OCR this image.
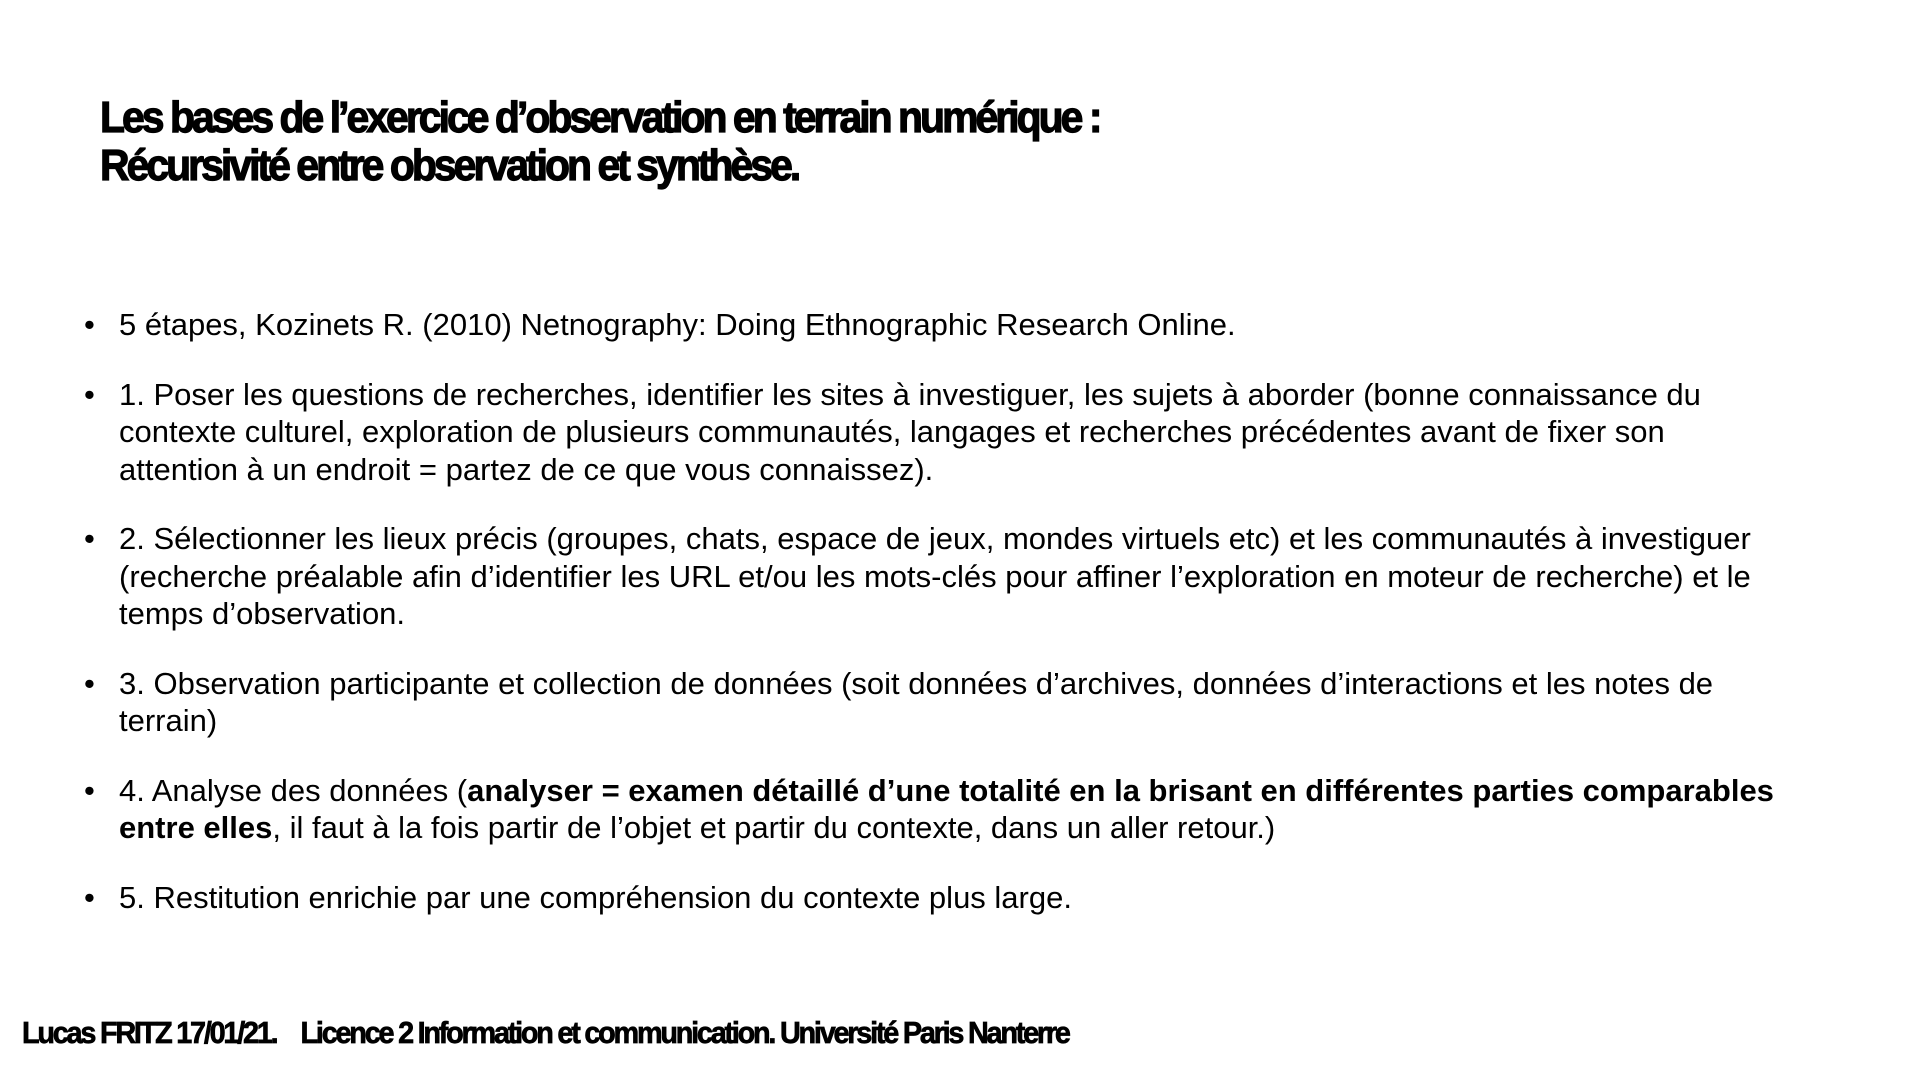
Les bases de l’exercice d’observation en terrain numérique :
Récursivité entre observation et synthèse.
• 5 étapes, Kozinets R. (2010) Netnography: Doing Ethnographic Research Online.
• 1. Poser les questions de recherches, identifier les sites à investiguer, les sujets à aborder (bonne connaissance du contexte culturel, exploration de plusieurs communautés, langages et recherches précédentes avant de fixer son attention à un endroit = partez de ce que vous connaissez).
• 2. Sélectionner les lieux précis (groupes, chats, espace de jeux, mondes virtuels etc) et les communautés à investiguer (recherche préalable afin d’identifier les URL et/ou les mots-clés pour affiner l’exploration en moteur de recherche) et le temps d’observation.
• 3. Observation participante et collection de données (soit données d’archives, données d’interactions et les notes de terrain)
• 4. Analyse des données (analyser = examen détaillé d’une totalité en la brisant en différentes parties comparables entre elles, il faut à la fois partir de l’objet et partir du contexte, dans un aller retour.)
• 5. Restitution enrichie par une compréhension du contexte plus large.
Lucas FRITZ 17/01/21. Licence 2 Information et communication. Université Paris Nanterre
